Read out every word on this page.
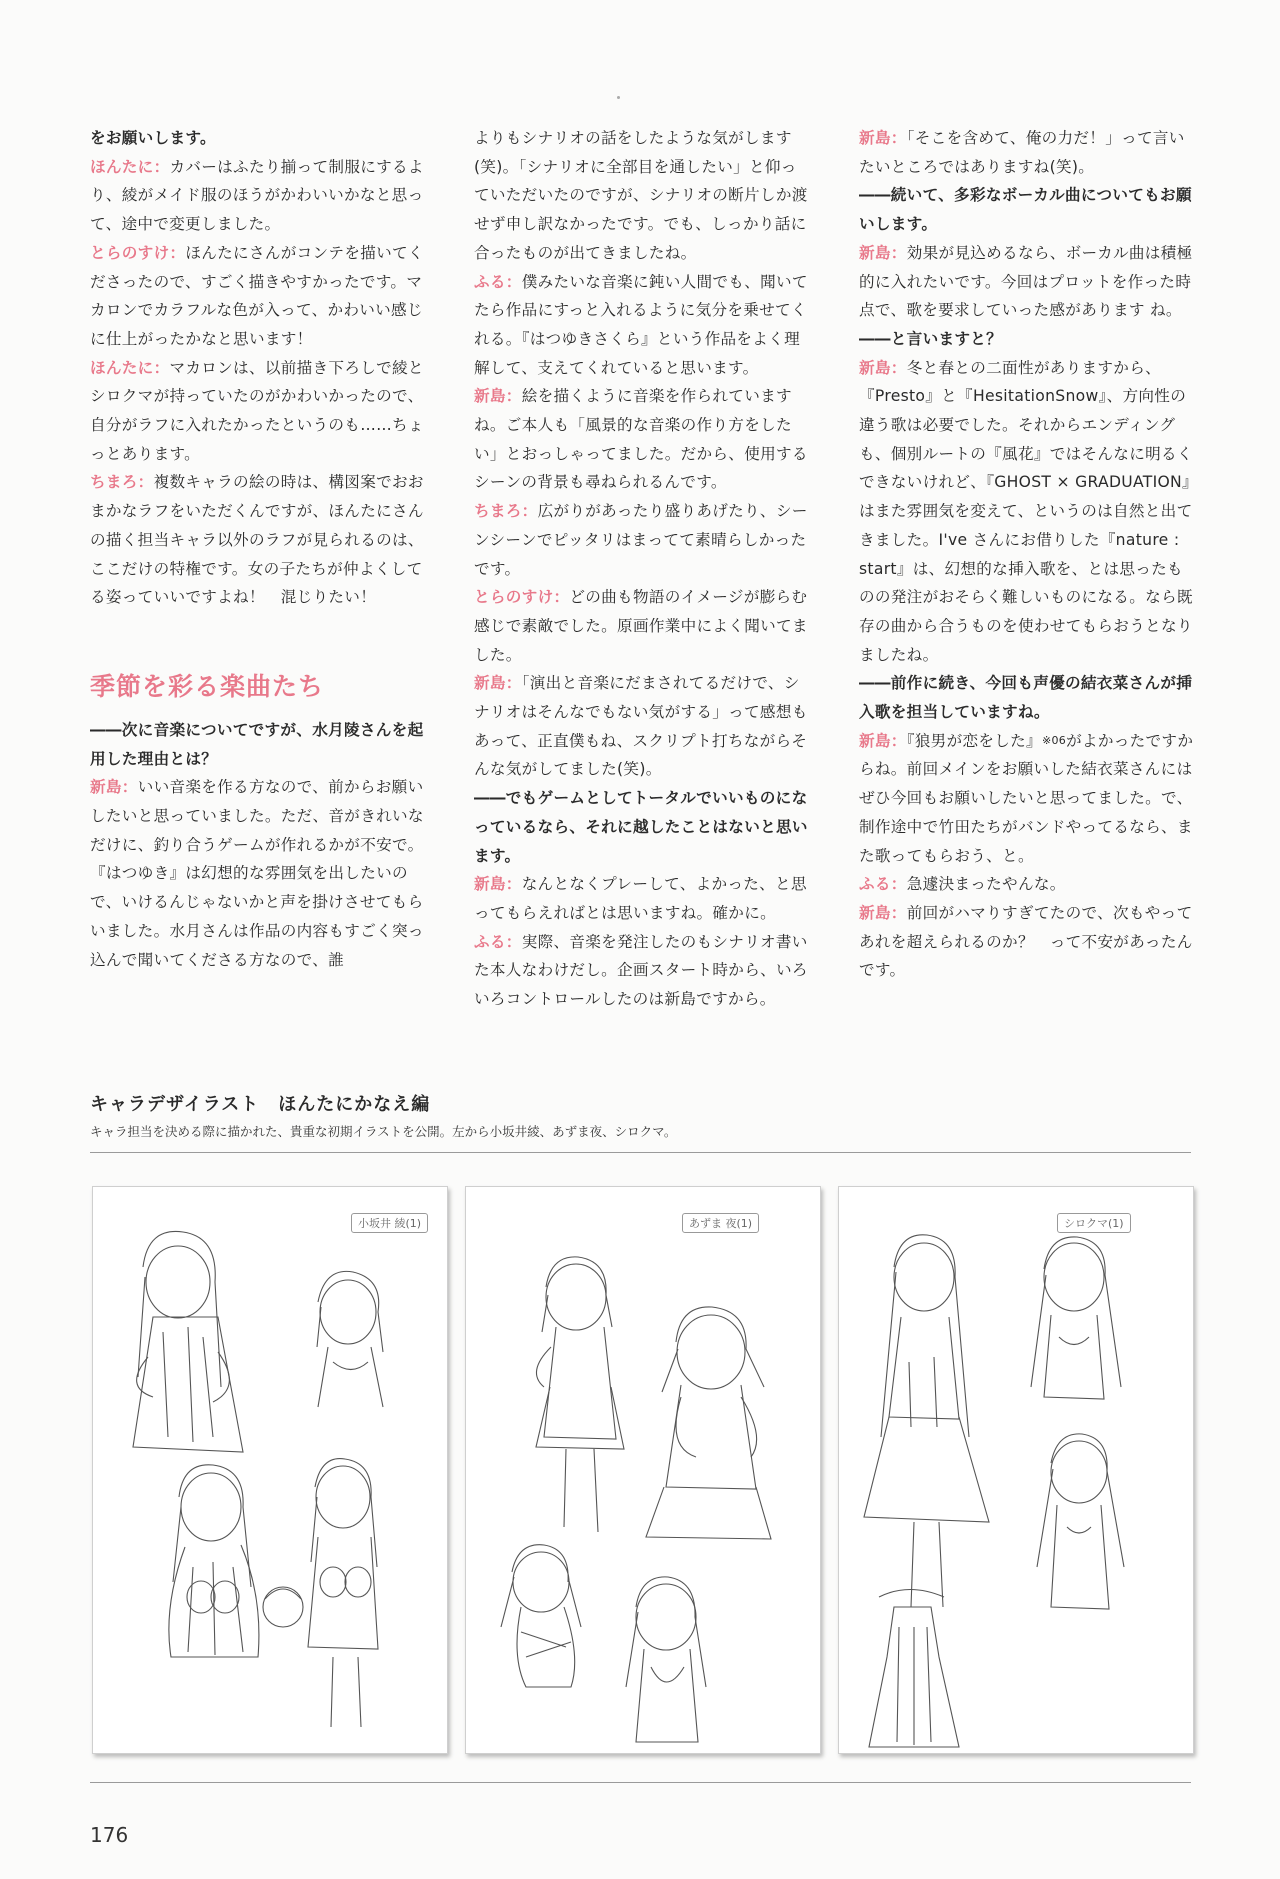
をお願いします。

ほんたに：カバーはふたり揃って制服にするより、綾がメイド服のほうがかわいいかなと思って、途中で変更しました。

とらのすけ：ほんたにさんがコンテを描いてくださったので、すごく描きやすかったです。マカロンでカラフルな色が入って、かわいい感じに仕上がったかなと思います！

ほんたに：マカロンは、以前描き下ろしで綾とシロクマが持っていたのがかわいかったので、自分がラフに入れたかったというのも……ちょっとあります。

ちまろ：複数キャラの絵の時は、構図案でおおまかなラフをいただくんですが、ほんたにさんの描く担当キャラ以外のラフが見られるのは、ここだけの特権です。女の子たちが仲よくしてる姿っていいですよね！　混じりたい！

季節を彩る楽曲たち

――次に音楽についてですが、水月陵さんを起用した理由とは？

新島：いい音楽を作る方なので、前からお願いしたいと思っていました。ただ、音がきれいなだけに、釣り合うゲームが作れるかが不安で。『はつゆき』は幻想的な雰囲気を出したいので、いけるんじゃないかと声を掛けさせてもらいました。水月さんは作品の内容もすごく突っ込んで聞いてくださる方なので、誰

よりもシナリオの話をしたような気がします(笑)。「シナリオに全部目を通したい」と仰っていただいたのですが、シナリオの断片しか渡せず申し訳なかったです。でも、しっかり話に合ったものが出てきましたね。

ふる：僕みたいな音楽に鈍い人間でも、聞いてたら作品にすっと入れるように気分を乗せてくれる。『はつゆきさくら』という作品をよく理解して、支えてくれていると思います。

新島：絵を描くように音楽を作られていますね。ご本人も「風景的な音楽の作り方をしたい」とおっしゃってました。だから、使用するシーンの背景も尋ねられるんです。

ちまろ：広がりがあったり盛りあげたり、シーンシーンでピッタリはまってて素晴らしかったです。

とらのすけ：どの曲も物語のイメージが膨らむ感じで素敵でした。原画作業中によく聞いてました。

新島：「演出と音楽にだまされてるだけで、シナリオはそんなでもない気がする」って感想もあって、正直僕もね、スクリプト打ちながらそんな気がしてました(笑)。

――でもゲームとしてトータルでいいものになっているなら、それに越したことはないと思います。

新島：なんとなくプレーして、よかった、と思ってもらえればとは思いますね。確かに。

ふる：実際、音楽を発注したのもシナリオ書いた本人なわけだし。企画スタート時から、いろいろコントロールしたのは新島ですから。

新島：「そこを含めて、俺の力だ！」って言いたいところではありますね(笑)。

――続いて、多彩なボーカル曲についてもお願いします。

新島：効果が見込めるなら、ボーカル曲は積極的に入れたいです。今回はプロットを作った時点で、歌を要求していった感があります ね。

――と言いますと？

新島：冬と春との二面性がありますから、『Presto』と『HesitationSnow』、方向性の違う歌は必要でした。それからエンディングも、個別ルートの『風花』ではそんなに明るくできないけれど、『GHOST × GRADUATION』はまた雰囲気を変えて、というのは自然と出てきました。I've さんにお借りした『nature : start』は、幻想的な挿入歌を、とは思ったものの発注がおそらく難しいものになる。なら既存の曲から合うものを使わせてもらおうとなりましたね。

――前作に続き、今回も声優の結衣菜さんが挿入歌を担当していますね。

新島：『狼男が恋をした』$^{※06}$がよかったですからね。前回メインをお願いした結衣菜さんにはぜひ今回もお願いしたいと思ってました。で、制作途中で竹田たちがバンドやってるなら、また歌ってもらおう、と。

ふる：急遽決まったやんな。

新島：前回がハマりすぎてたので、次もやってあれを超えられるのか？　って不安があったんです。

キャラデザイラスト　ほんたにかなえ編
キャラ担当を決める際に描かれた、貴重な初期イラストを公開。左から小坂井綾、あずま夜、シロクマ。
小坂井 綾(1)	あずま 夜(1)	シロクマ(1)
176
